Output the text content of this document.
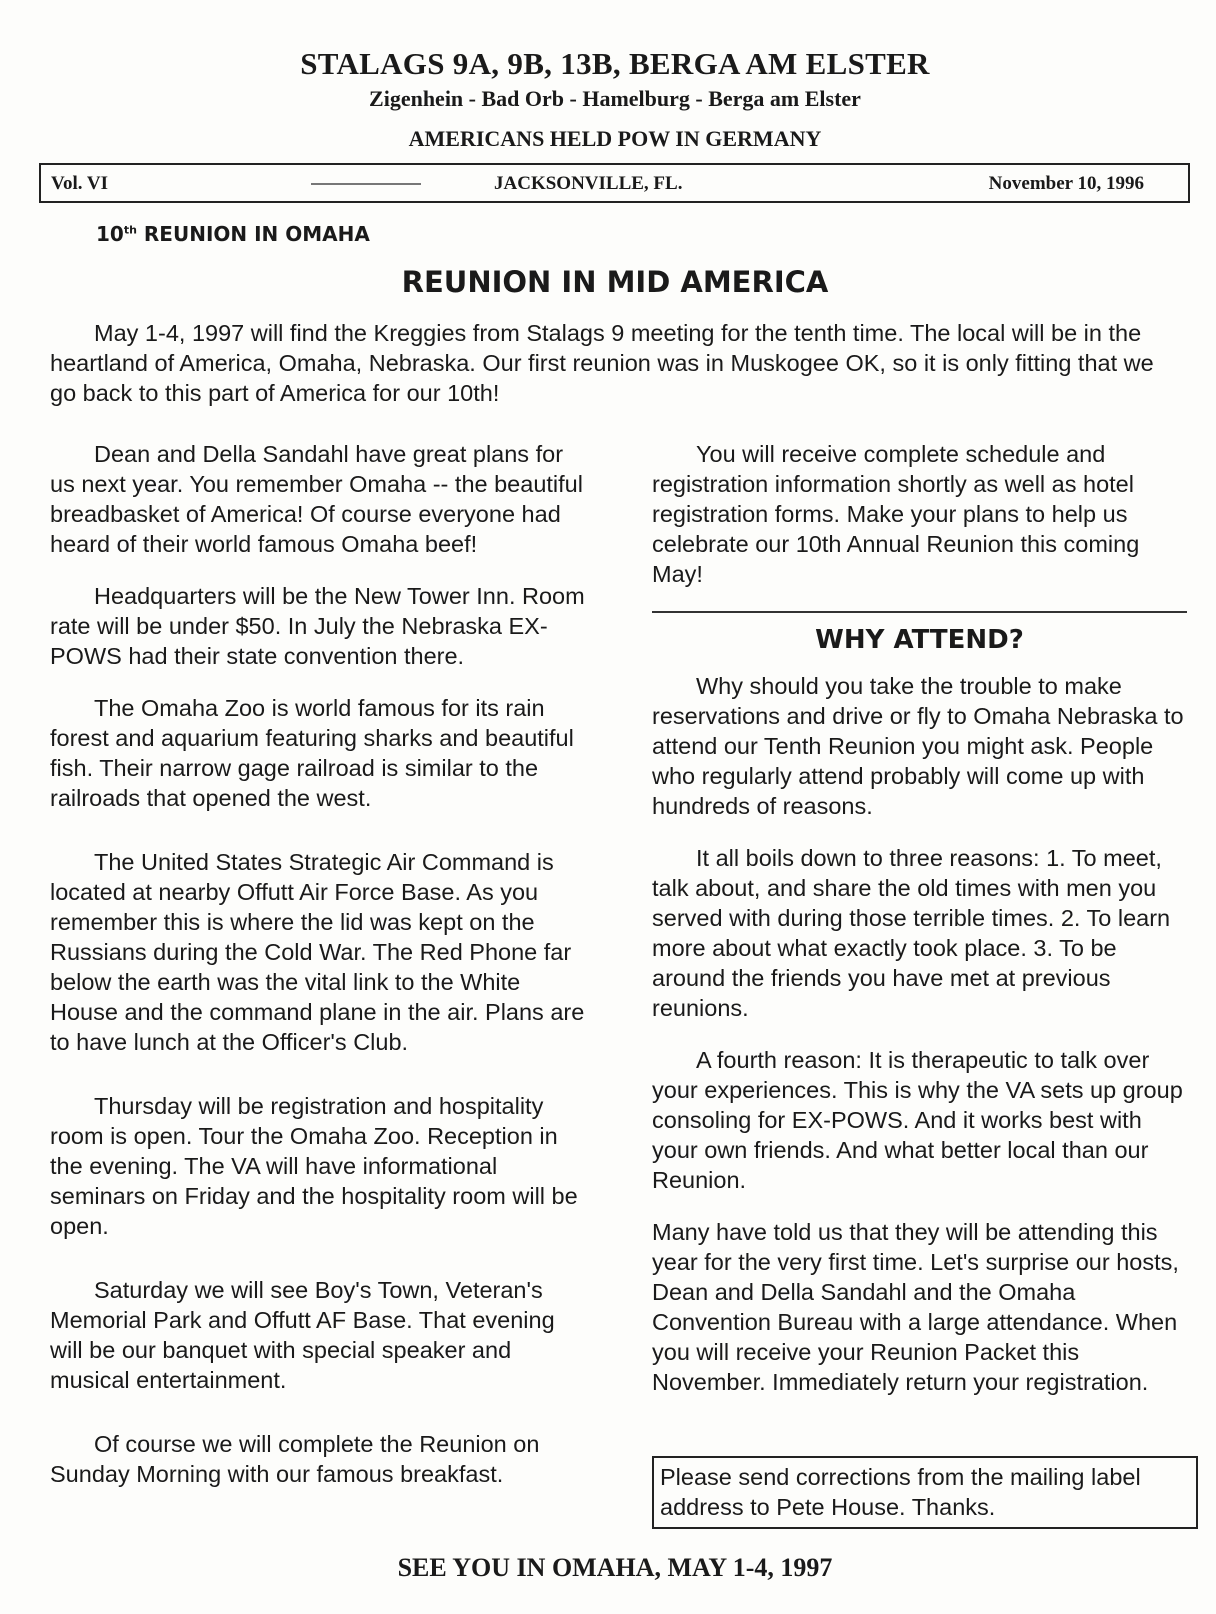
STALAGS 9A, 9B, 13B, BERGA AM ELSTER

Zigenhein - Bad Orb - Hamelburg - Berga am Elster

AMERICANS HELD POW IN GERMANY

Vol. VI	JACKSONVILLE, FL.	November 10, 1996
10th REUNION IN OMAHA
REUNION IN MID AMERICA

May 1-4, 1997 will find the Kreggies from Stalags 9 meeting for the tenth time. The local will be in the heartland of America, Omaha, Nebraska. Our first reunion was in Muskogee OK, so it is only fitting that we go back to this part of America for our 10th!

Dean and Della Sandahl have great plans for us next year. You remember Omaha -- the beautiful breadbasket of America! Of course everyone had heard of their world famous Omaha beef!

Headquarters will be the New Tower Inn. Room rate will be under $50. In July the Nebraska EX-POWS had their state convention there.

The Omaha Zoo is world famous for its rain forest and aquarium featuring sharks and beautiful fish. Their narrow gage railroad is similar to the railroads that opened the west.

The United States Strategic Air Command is located at nearby Offutt Air Force Base. As you remember this is where the lid was kept on the Russians during the Cold War. The Red Phone far below the earth was the vital link to the White House and the command plane in the air. Plans are to have lunch at the Officer's Club.

Thursday will be registration and hospitality room is open. Tour the Omaha Zoo. Reception in the evening. The VA will have informational seminars on Friday and the hospitality room will be open.

Saturday we will see Boy's Town, Veteran's Memorial Park and Offutt AF Base. That evening will be our banquet with special speaker and musical entertainment.

Of course we will complete the Reunion on Sunday Morning with our famous breakfast.

You will receive complete schedule and registration information shortly as well as hotel registration forms. Make your plans to help us celebrate our 10th Annual Reunion this coming May!

WHY ATTEND?

Why should you take the trouble to make reservations and drive or fly to Omaha Nebraska to attend our Tenth Reunion you might ask. People who regularly attend probably will come up with hundreds of reasons.

It all boils down to three reasons: 1. To meet, talk about, and share the old times with men you served with during those terrible times. 2. To learn more about what exactly took place. 3. To be around the friends you have met at previous reunions.

A fourth reason: It is therapeutic to talk over your experiences. This is why the VA sets up group consoling for EX-POWS. And it works best with your own friends. And what better local than our Reunion.

Many have told us that they will be attending this year for the very first time. Let's surprise our hosts, Dean and Della Sandahl and the Omaha Convention Bureau with a large attendance. When you will receive your Reunion Packet this November. Immediately return your registration.

Please send corrections from the mailing label address to Pete House. Thanks.
SEE YOU IN OMAHA, MAY 1-4, 1997
